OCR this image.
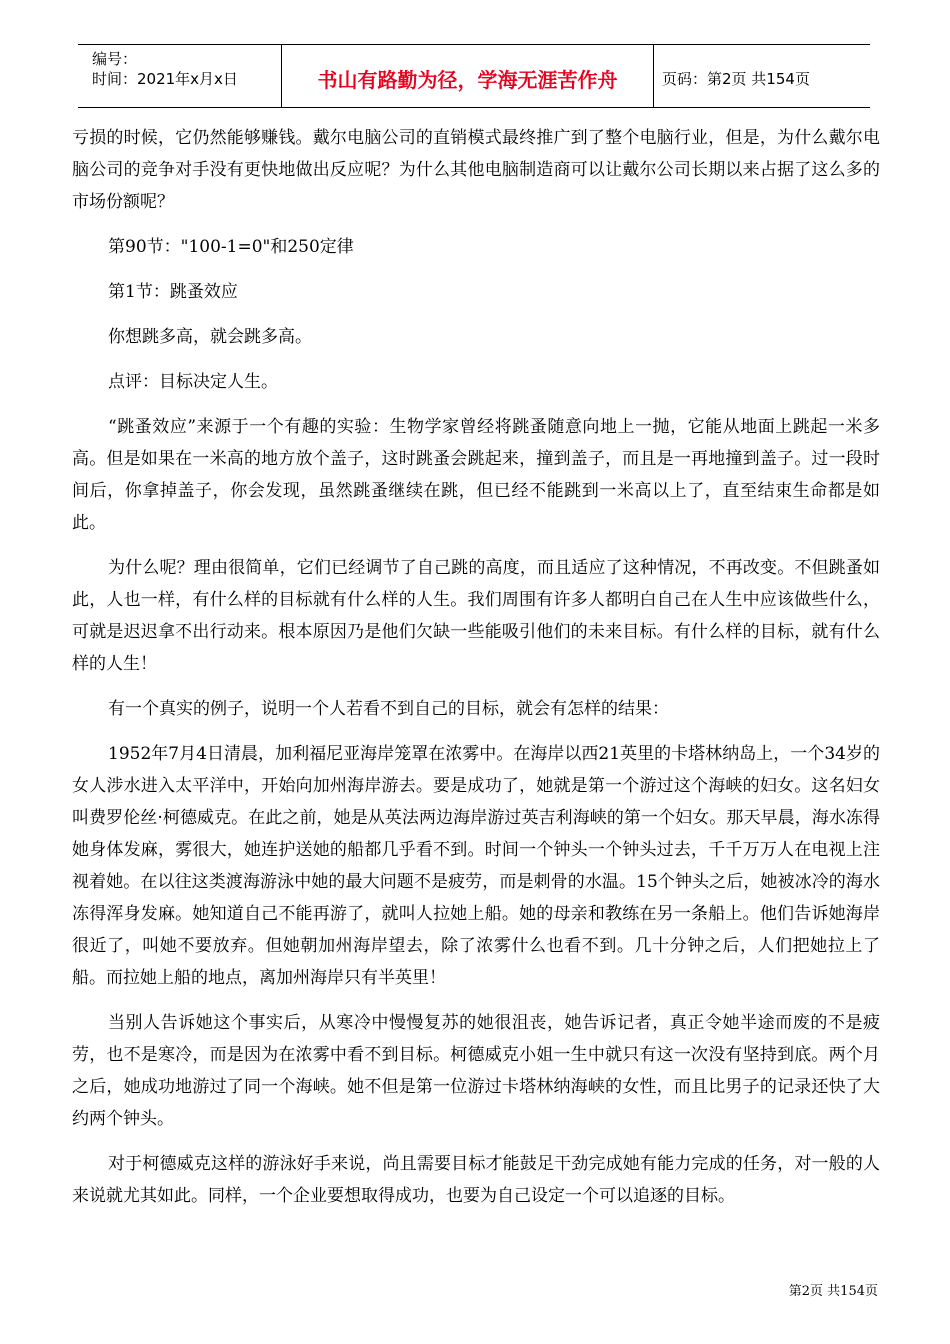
编号：
时间：2021年x月x日	书山有路勤为径，学海无涯苦作舟	页码：第2页 共154页

亏损的时候，它仍然能够赚钱。戴尔电脑公司的直销模式最终推广到了整个电脑行业，但是，为什么戴尔电脑公司的竞争对手没有更快地做出反应呢？为什么其他电脑制造商可以让戴尔公司长期以来占据了这么多的市场份额呢？

第90节："100-1=0"和250定律

第1节：跳蚤效应

你想跳多高，就会跳多高。

点评：目标决定人生。

“跳蚤效应”来源于一个有趣的实验：生物学家曾经将跳蚤随意向地上一抛，它能从地面上跳起一米多高。但是如果在一米高的地方放个盖子，这时跳蚤会跳起来，撞到盖子，而且是一再地撞到盖子。过一段时间后，你拿掉盖子，你会发现，虽然跳蚤继续在跳，但已经不能跳到一米高以上了，直至结束生命都是如此。

为什么呢？理由很简单，它们已经调节了自己跳的高度，而且适应了这种情况，不再改变。不但跳蚤如此，人也一样，有什么样的目标就有什么样的人生。我们周围有许多人都明白自己在人生中应该做些什么，可就是迟迟拿不出行动来。根本原因乃是他们欠缺一些能吸引他们的未来目标。有什么样的目标，就有什么样的人生！

有一个真实的例子，说明一个人若看不到自己的目标，就会有怎样的结果：

1952年7月4日清晨，加利福尼亚海岸笼罩在浓雾中。在海岸以西21英里的卡塔林纳岛上，一个34岁的女人涉水进入太平洋中，开始向加州海岸游去。要是成功了，她就是第一个游过这个海峡的妇女。这名妇女叫费罗伦丝·柯德威克。在此之前，她是从英法两边海岸游过英吉利海峡的第一个妇女。那天早晨，海水冻得她身体发麻，雾很大，她连护送她的船都几乎看不到。时间一个钟头一个钟头过去，千千万万人在电视上注视着她。在以往这类渡海游泳中她的最大问题不是疲劳，而是刺骨的水温。15个钟头之后，她被冰冷的海水冻得浑身发麻。她知道自己不能再游了，就叫人拉她上船。她的母亲和教练在另一条船上。他们告诉她海岸很近了，叫她不要放弃。但她朝加州海岸望去，除了浓雾什么也看不到。几十分钟之后，人们把她拉上了船。而拉她上船的地点，离加州海岸只有半英里！

当别人告诉她这个事实后，从寒冷中慢慢复苏的她很沮丧，她告诉记者，真正令她半途而废的不是疲劳，也不是寒冷，而是因为在浓雾中看不到目标。柯德威克小姐一生中就只有这一次没有坚持到底。两个月之后，她成功地游过了同一个海峡。她不但是第一位游过卡塔林纳海峡的女性，而且比男子的记录还快了大约两个钟头。

对于柯德威克这样的游泳好手来说，尚且需要目标才能鼓足干劲完成她有能力完成的任务，对一般的人来说就尤其如此。同样，一个企业要想取得成功，也要为自己设定一个可以追逐的目标。

第2页 共154页
